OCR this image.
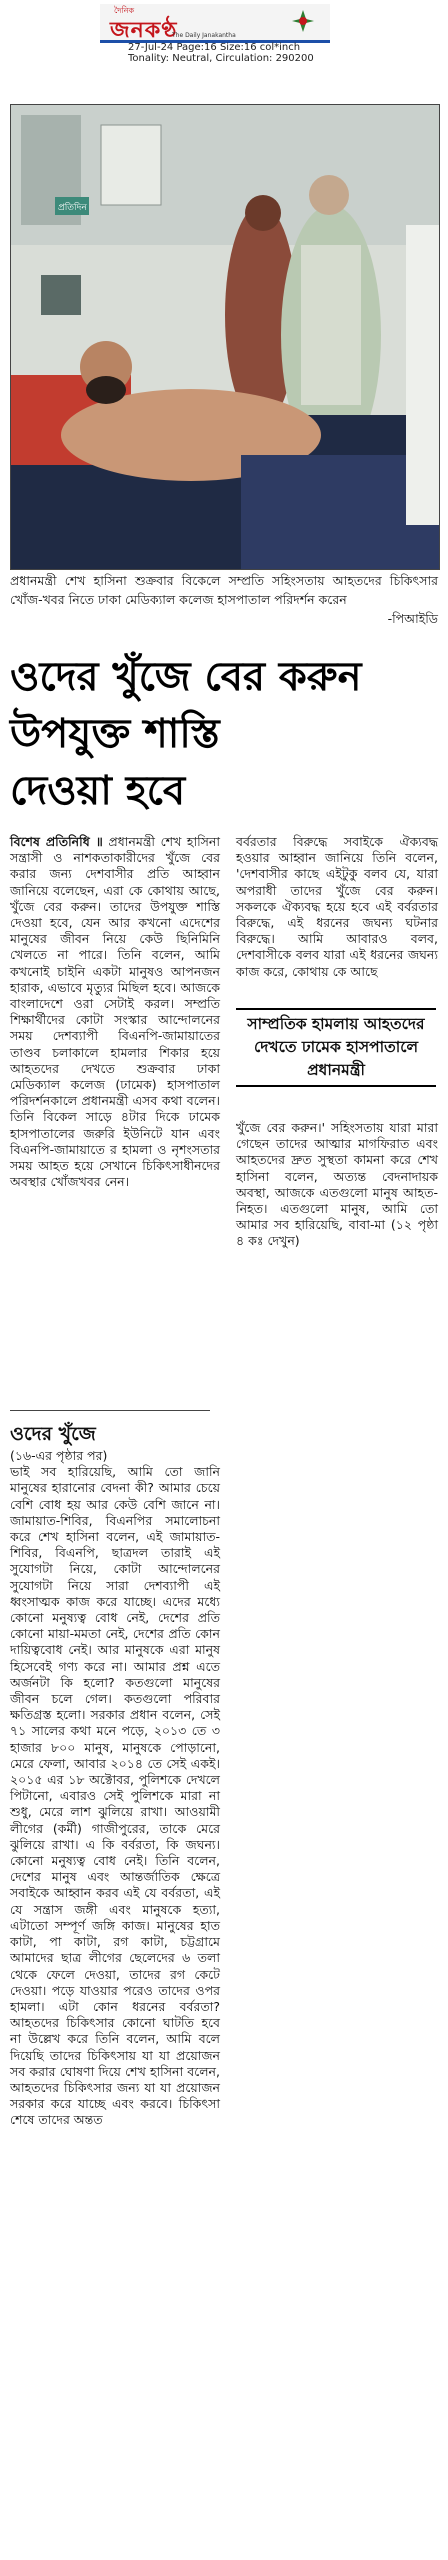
দৈনিক
জনকণ্ঠ
The Daily Janakantha
27-Jul-24 Page:16 Size:16 col*inch
Tonality: Neutral, Circulation: 290200
প্রতিদিন
প্রধানমন্ত্রী শেখ হাসিনা শুক্রবার বিকেলে সম্প্রতি সহিংসতায় আহতদের চিকিৎসার খোঁজ-খবর নিতে ঢাকা মেডিক্যাল কলেজ হাসপাতাল পরিদর্শন করেন
-পিআইডি
ওদের খুঁজে বের করুন
উপযুক্ত শাস্তি
দেওয়া হবে

বিশেষ প্রতিনিধি ॥ প্রধানমন্ত্রী শেখ হাসিনা সন্ত্রাসী ও নাশকতাকারীদের খুঁজে বের করার জন্য দেশবাসীর প্রতি আহ্বান জানিয়ে বলেছেন, এরা কে কোথায় আছে, খুঁজে বের করুন। তাদের উপযুক্ত শাস্তি দেওয়া হবে, যেন আর কখনো এদেশের মানুষের জীবন নিয়ে কেউ ছিনিমিনি খেলতে না পারে। তিনি বলেন, আমি কখনোই চাইনি একটা মানুষও আপনজন হারাক, এভাবে মৃত্যুর মিছিল হবে। আজকে বাংলাদেশে ওরা সেটাই করল। সম্প্রতি শিক্ষার্থীদের কোটা সংস্কার আন্দোলনের সময় দেশব্যাপী বিএনপি-জামায়াতের তাণ্ডব চলাকালে হামলার শিকার হয়ে আহতদের দেখতে শুক্রবার ঢাকা মেডিক্যাল কলেজ (ঢামেক) হাসপাতাল পরিদর্শনকালে প্রধানমন্ত্রী এসব কথা বলেন। তিনি বিকেল সাড়ে ৪টার দিকে ঢামেক হাসপাতালের জরুরি ইউনিটে যান এবং বিএনপি-জামায়াতে র হামলা ও নৃশংসতার সময় আহত হয়ে সেখানে চিকিৎসাধীনদের অবস্থার খোঁজখবর নেন।

বর্বরতার বিরুদ্ধে সবাইকে ঐক্যবদ্ধ হওয়ার আহ্বান জানিয়ে তিনি বলেন, 'দেশবাসীর কাছে এইটুকু বলব যে, যারা অপরাধী তাদের খুঁজে বের করুন। সকলকে ঐক্যবদ্ধ হয়ে হবে এই বর্বরতার বিরুদ্ধে, এই ধরনের জঘন্য ঘটনার বিরুদ্ধে। আমি আবারও বলব, দেশবাসীকে বলব যারা এই ধরনের জঘন্য কাজ করে, কোথায় কে আছে

সাম্প্রতিক হামলায় আহতদের দেখতে ঢামেক হাসপাতালে প্রধানমন্ত্রী

খুঁজে বের করুন।' সহিংসতায় যারা মারা গেছেন তাদের আত্মার মাগফিরাত এবং আহতদের দ্রুত সুস্থতা কামনা করে শেখ হাসিনা বলেন, অত্যন্ত বেদনাদায়ক অবস্থা, আজকে এতগুলো মানুষ আহত-নিহত। এতগুলো মানুষ, আমি তো আমার সব হারিয়েছি, বাবা-মা (১২ পৃষ্ঠা ৪ কঃ দেখুন)

ওদের খুঁজে

(১৬-এর পৃষ্ঠার পর)

ভাই সব হারিয়েছি, আমি তো জানি মানুষের হারানোর বেদনা কী? আমার চেয়ে বেশি বোধ হয় আর কেউ বেশি জানে না। জামায়াত-শিবির, বিএনপির সমালোচনা করে শেখ হাসিনা বলেন, এই জামায়াত-শিবির, বিএনপি, ছাত্রদল তারাই এই সুযোগটা নিয়ে, কোটা আন্দোলনের সুযোগটা নিয়ে সারা দেশব্যাপী এই ধ্বংসাত্মক কাজ করে যাচ্ছে। এদের মধ্যে কোনো মনুষ্যত্ব বোধ নেই, দেশের প্রতি কোনো মায়া-মমতা নেই, দেশের প্রতি কোন দায়িত্ববোধ নেই। আর মানুষকে এরা মানুষ হিসেবেই গণ্য করে না। আমার প্রশ্ন এতে অর্জনটা কি হলো? কতগুলো মানুষের জীবন চলে গেল। কতগুলো পরিবার ক্ষতিগ্রস্ত হলো। সরকার প্রধান বলেন, সেই ৭১ সালের কথা মনে পড়ে, ২০১৩ তে ৩ হাজার ৮০০ মানুষ, মানুষকে পোড়ানো, মেরে ফেলা, আবার ২০১৪ তে সেই একই। ২০১৫ এর ১৮ অক্টোবর, পুলিশকে দেখলে পিটানো, এবারও সেই পুলিশকে মারা না শুধু, মেরে লাশ ঝুলিয়ে রাখা। আওয়ামী লীগের (কর্মী) গাজীপুরের, তাকে মেরে ঝুলিয়ে রাখা। এ কি বর্বরতা, কি জঘন্য। কোনো মনুষ্যত্ব বোধ নেই। তিনি বলেন, দেশের মানুষ এবং আন্তর্জাতিক ক্ষেত্রে সবাইকে আহ্বান করব এই যে বর্বরতা, এই যে সন্ত্রাস জঙ্গী এবং মানুষকে হত্যা, এটাতো সম্পূর্ণ জঙ্গি কাজ। মানুষের হাত কাটা, পা কাটা, রগ কাটা, চট্টগ্রামে আমাদের ছাত্র লীগের ছেলেদের ৬ তলা থেকে ফেলে দেওয়া, তাদের রগ কেটে দেওয়া। পড়ে যাওয়ার পরেও তাদের ওপর হামলা। এটা কোন ধরনের বর্বরতা? আহতদের চিকিৎসার কোনো ঘাটতি হবে না উল্লেখ করে তিনি বলেন, আমি বলে দিয়েছি তাদের চিকিৎসায় যা যা প্রয়োজন সব করার ঘোষণা দিয়ে শেখ হাসিনা বলেন, আহতদের চিকিৎসার জন্য যা যা প্রয়োজন সরকার করে যাচ্ছে এবং করবে। চিকিৎসা শেষে তাদের অন্তত
